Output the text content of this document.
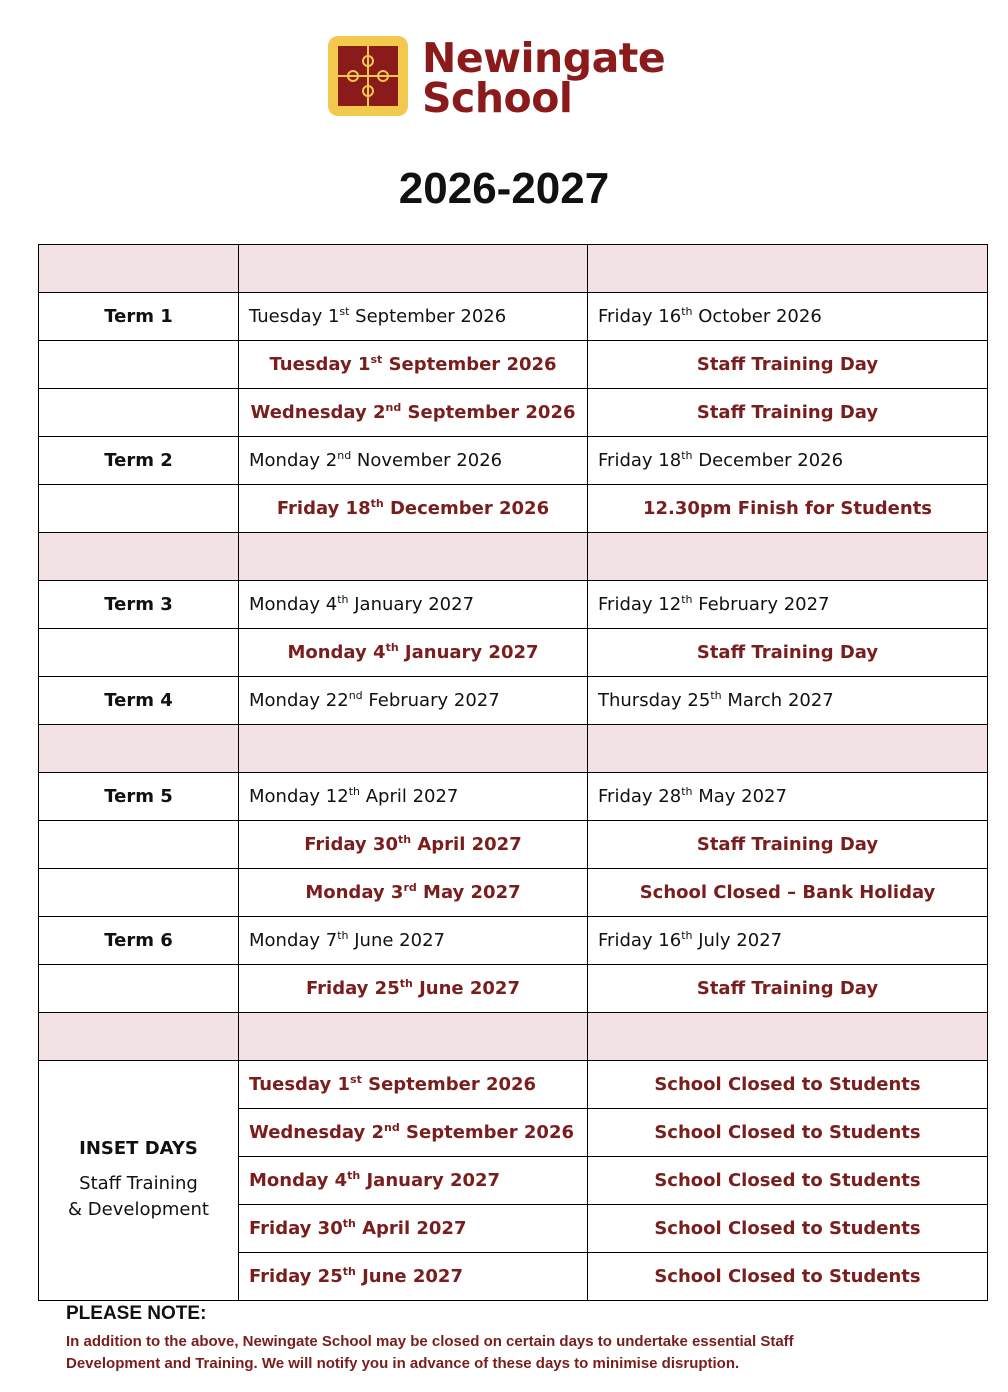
Newingate
School
2026-2027

Term 1	Tuesday 1st September 2026	Friday 16th October 2026
	Tuesday 1st September 2026	Staff Training Day
	Wednesday 2nd September 2026	Staff Training Day
Term 2	Monday 2nd November 2026	Friday 18th December 2026
	Friday 18th December 2026	12.30pm Finish for Students

Term 3	Monday 4th January 2027	Friday 12th February 2027
	Monday 4th January 2027	Staff Training Day
Term 4	Monday 22nd February 2027	Thursday 25th March 2027

Term 5	Monday 12th April 2027	Friday 28th May 2027
	Friday 30th April 2027	Staff Training Day
	Monday 3rd May 2027	School Closed – Bank Holiday
Term 6	Monday 7th June 2027	Friday 16th July 2027
	Friday 25th June 2027	Staff Training Day

INSET DAYS
Staff Training
& Development	Tuesday 1st September 2026	School Closed to Students
	Wednesday 2nd September 2026	School Closed to Students
	Monday 4th January 2027	School Closed to Students
	Friday 30th April 2027	School Closed to Students
	Friday 25th June 2027	School Closed to Students
PLEASE NOTE:
In addition to the above, Newingate School may be closed on certain days to undertake essential Staff
Development and Training. We will notify you in advance of these days to minimise disruption.
